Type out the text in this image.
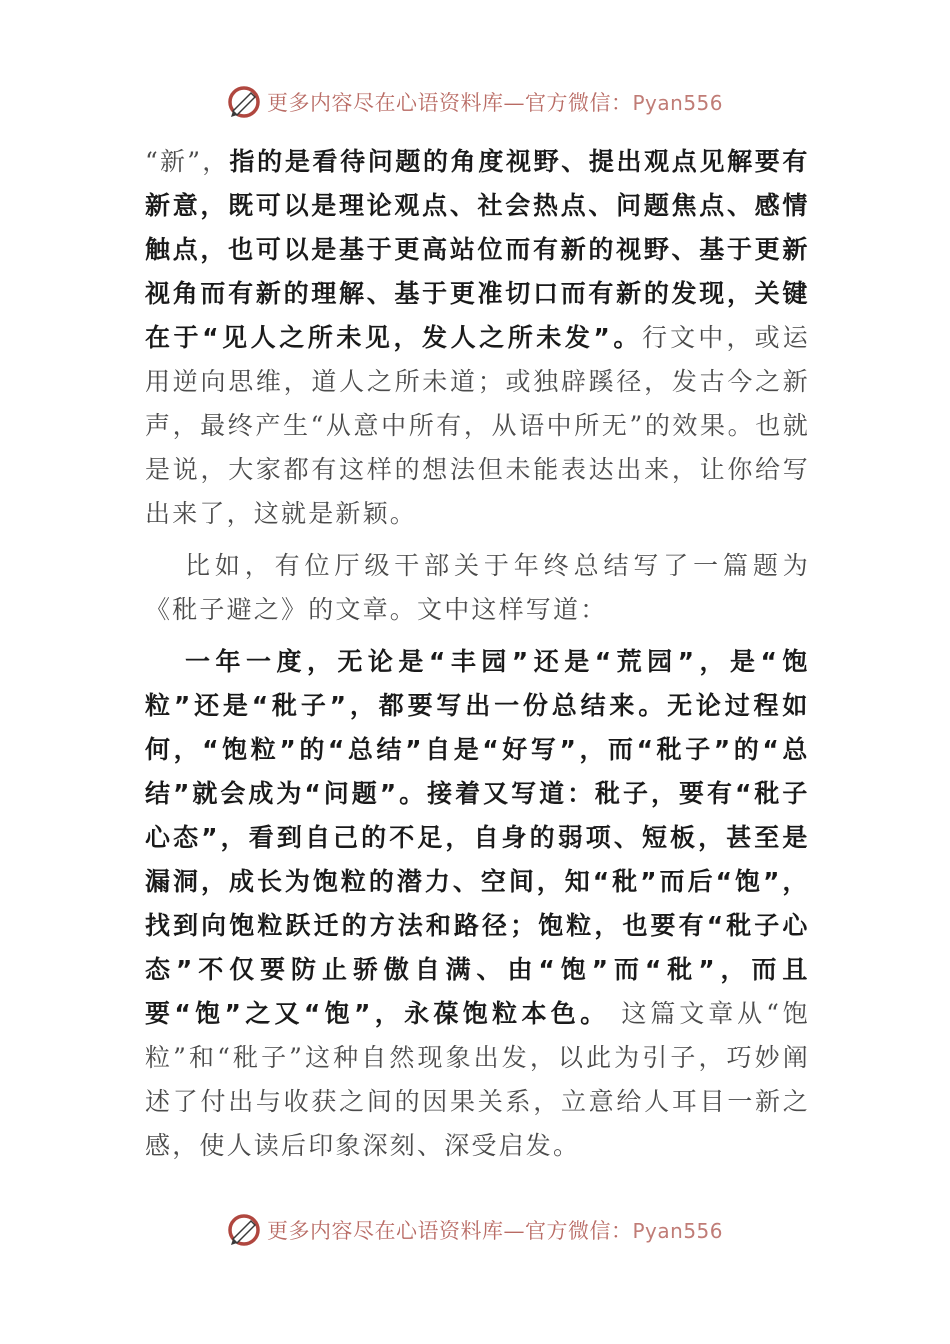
更多内容尽在心语资料库—官方微信：Pyan556

“新”，指的是看待问题的角度视野、提出观点见解要有新意，既可以是理论观点、社会热点、问题焦点、感情触点，也可以是基于更高站位而有新的视野、基于更新视角而有新的理解、基于更准切口而有新的发现，关键在于“见人之所未见，发人之所未发”。行文中，或运用逆向思维，道人之所未道；或独辟蹊径，发古今之新声，最终产生“从意中所有，从语中所无”的效果。也就是说，大家都有这样的想法但未能表达出来，让你给写出来了，这就是新颖。

比如，有位厅级干部关于年终总结写了一篇题为《秕子避之》的文章。文中这样写道：

一年一度，无论是“丰园”还是“荒园”，是“饱粒”还是“秕子”，都要写出一份总结来。无论过程如何，“饱粒”的“总结”自是“好写”，而“秕子”的“总结”就会成为“问题”。接着又写道：秕子，要有“秕子心态”，看到自己的不足，自身的弱项、短板，甚至是漏洞，成长为饱粒的潜力、空间，知“秕”而后“饱”，找到向饱粒跃迁的方法和路径；饱粒，也要有“秕子心态”不仅要防止骄傲自满、由“饱”而“秕”，而且要“饱”之又“饱”，永葆饱粒本色。 这篇文章从“饱粒”和“秕子”这种自然现象出发，以此为引子，巧妙阐述了付出与收获之间的因果关系，立意给人耳目一新之感，使人读后印象深刻、深受启发。

更多内容尽在心语资料库—官方微信：Pyan556
